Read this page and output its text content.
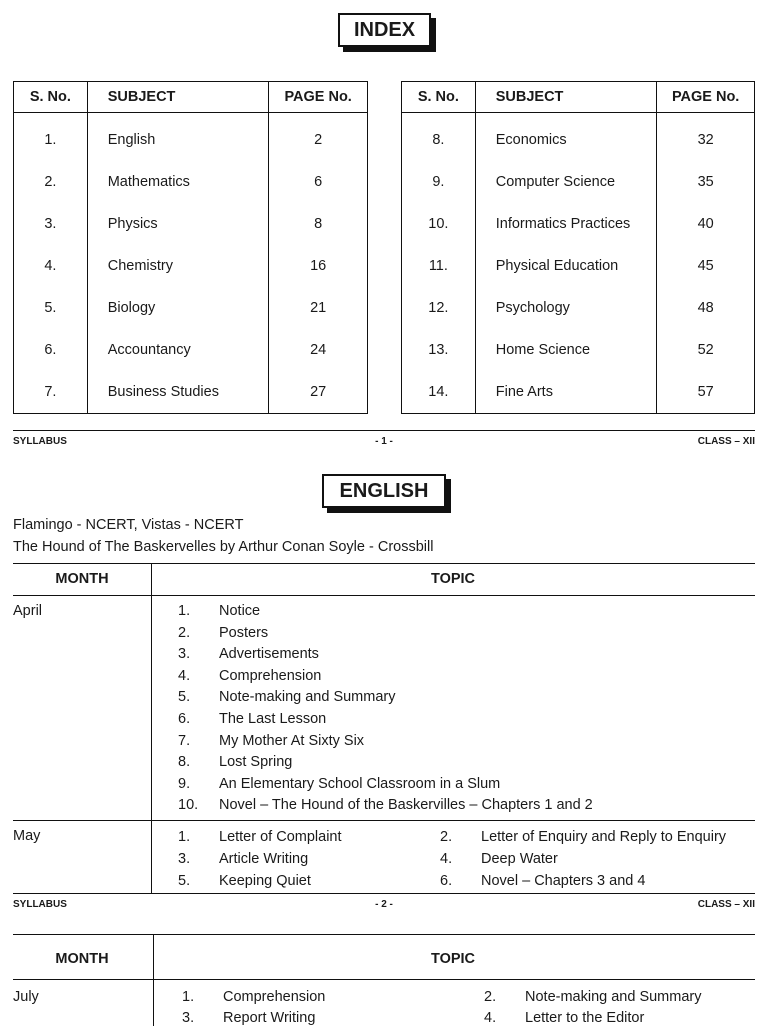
INDEX
S. No.	SUBJECT	PAGE No.
1.	English	2
2.	Mathematics	6
3.	Physics	8
4.	Chemistry	16
5.	Biology	21
6.	Accountancy	24
7.	Business Studies	27
S. No.	SUBJECT	PAGE No.
8.	Economics	32
9.	Computer Science	35
10.	Informatics Practices	40
11.	Physical Education	45
12.	Psychology	48
13.	Home Science	52
14.	Fine Arts	57
SYLLABUS	- 1 -	CLASS – XII
ENGLISH
Flamingo - NCERT, Vistas - NCERT
The Hound of The Baskervelles by Arthur Conan Soyle - Crossbill
MONTH	TOPIC
April	1.	Notice
2.	Posters
3.	Advertisements
4.	Comprehension
5.	Note-making and Summary
6.	The Last Lesson
7.	My Mother At Sixty Six
8.	Lost Spring
9.	An Elementary School Classroom in a Slum
10. Novel – The Hound of the Baskervilles – Chapters 1 and 2
May	1.	Letter of Complaint	2.	Letter of Enquiry and Reply to Enquiry
3.	Article Writing	4.	Deep Water
5.	Keeping Quiet	6.	Novel – Chapters 3 and 4
SYLLABUS	- 2 -	CLASS – XII
MONTH	TOPIC
July	1.	Comprehension	2.	Note-making and Summary
3.	Report Writing	4.	Letter to the Editor
